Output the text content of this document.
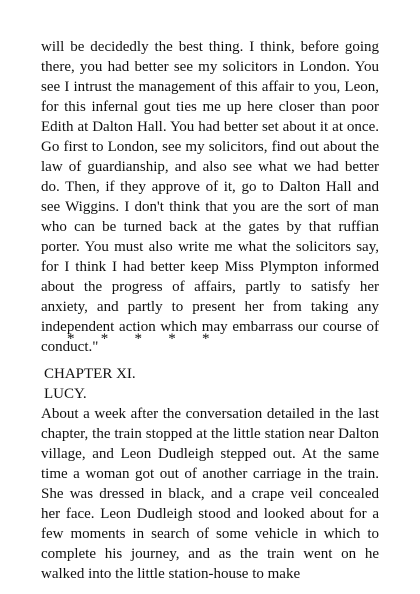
will be decidedly the best thing. I think, before going there, you had better see my solicitors in London. You see I intrust the management of this affair to you, Leon, for this infernal gout ties me up here closer than poor Edith at Dalton Hall. You had better set about it at once. Go first to London, see my solicitors, find out about the law of guardianship, and also see what we had better do. Then, if they approve of it, go to Dalton Hall and see Wiggins. I don't think that you are the sort of man who can be turned back at the gates by that ruffian porter. You must also write me what the solicitors say, for I think I had better keep Miss Plympton informed about the progress of affairs, partly to satisfy her anxiety, and partly to present her from taking any independent action which may embarrass our course of conduct."

*       *       *       *       *

CHAPTER XI.

LUCY.

About a week after the conversation detailed in the last chapter, the train stopped at the little station near Dalton village, and Leon Dudleigh stepped out. At the same time a woman got out of another carriage in the train. She was dressed in black, and a crape veil concealed her face. Leon Dudleigh stood and looked about for a few moments in search of some vehicle in which to complete his journey, and as the train went on he walked into the little station-house to make
